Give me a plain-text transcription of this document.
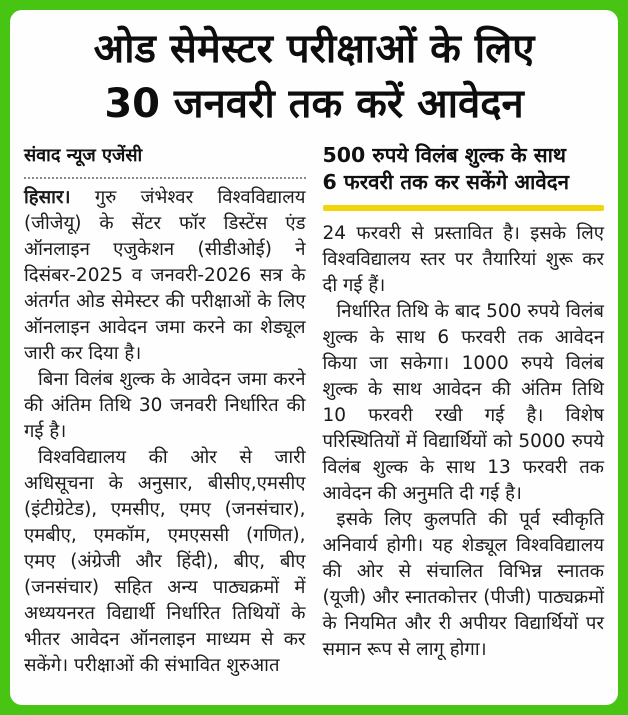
ओड सेमेस्टर परीक्षाओं के लिए
30 जनवरी तक करें आवेदन
संवाद न्यूज एजेंसी

हिसार। गुरु जंभेश्वर विश्वविद्यालय (जीजेयू) के सेंटर फॉर डिस्टेंस एंड ऑनलाइन एजुकेशन (सीडीओई) ने दिसंबर-2025 व जनवरी-2026 सत्र के अंतर्गत ओड सेमेस्टर की परीक्षाओं के लिए ऑनलाइन आवेदन जमा करने का शेड्यूल जारी कर दिया है।

बिना विलंब शुल्क के आवेदन जमा करने की अंतिम तिथि 30 जनवरी निर्धारित की गई है।

विश्वविद्यालय की ओर से जारी अधिसूचना के अनुसार, बीसीए,एमसीए (इंटीग्रेटेड), एमसीए, एमए (जनसंचार), एमबीए, एमकॉम, एमएससी (गणित), एमए (अंग्रेजी और हिंदी), बीए, बीए (जनसंचार) सहित अन्य पाठ्यक्रमों में अध्ययनरत विद्यार्थी निर्धारित तिथियों के भीतर आवेदन ऑनलाइन माध्यम से कर सकेंगे। परीक्षाओं की संभावित शुरुआत

500 रुपये विलंब शुल्क के साथ
6 फरवरी तक कर सकेंगे आवेदन

24 फरवरी से प्रस्तावित है। इसके लिए विश्वविद्यालय स्तर पर तैयारियां शुरू कर दी गई हैं।

निर्धारित तिथि के बाद 500 रुपये विलंब शुल्क के साथ 6 फरवरी तक आवेदन किया जा सकेगा। 1000 रुपये विलंब शुल्क के साथ आवेदन की अंतिम तिथि 10 फरवरी रखी गई है। विशेष परिस्थितियों में विद्यार्थियों को 5000 रुपये विलंब शुल्क के साथ 13 फरवरी तक आवेदन की अनुमति दी गई है।

इसके लिए कुलपति की पूर्व स्वीकृति अनिवार्य होगी। यह शेड्यूल विश्वविद्यालय की ओर से संचालित विभिन्न स्नातक (यूजी) और स्नातकोत्तर (पीजी) पाठ्यक्रमों के नियमित और री अपीयर विद्यार्थियों पर समान रूप से लागू होगा।
